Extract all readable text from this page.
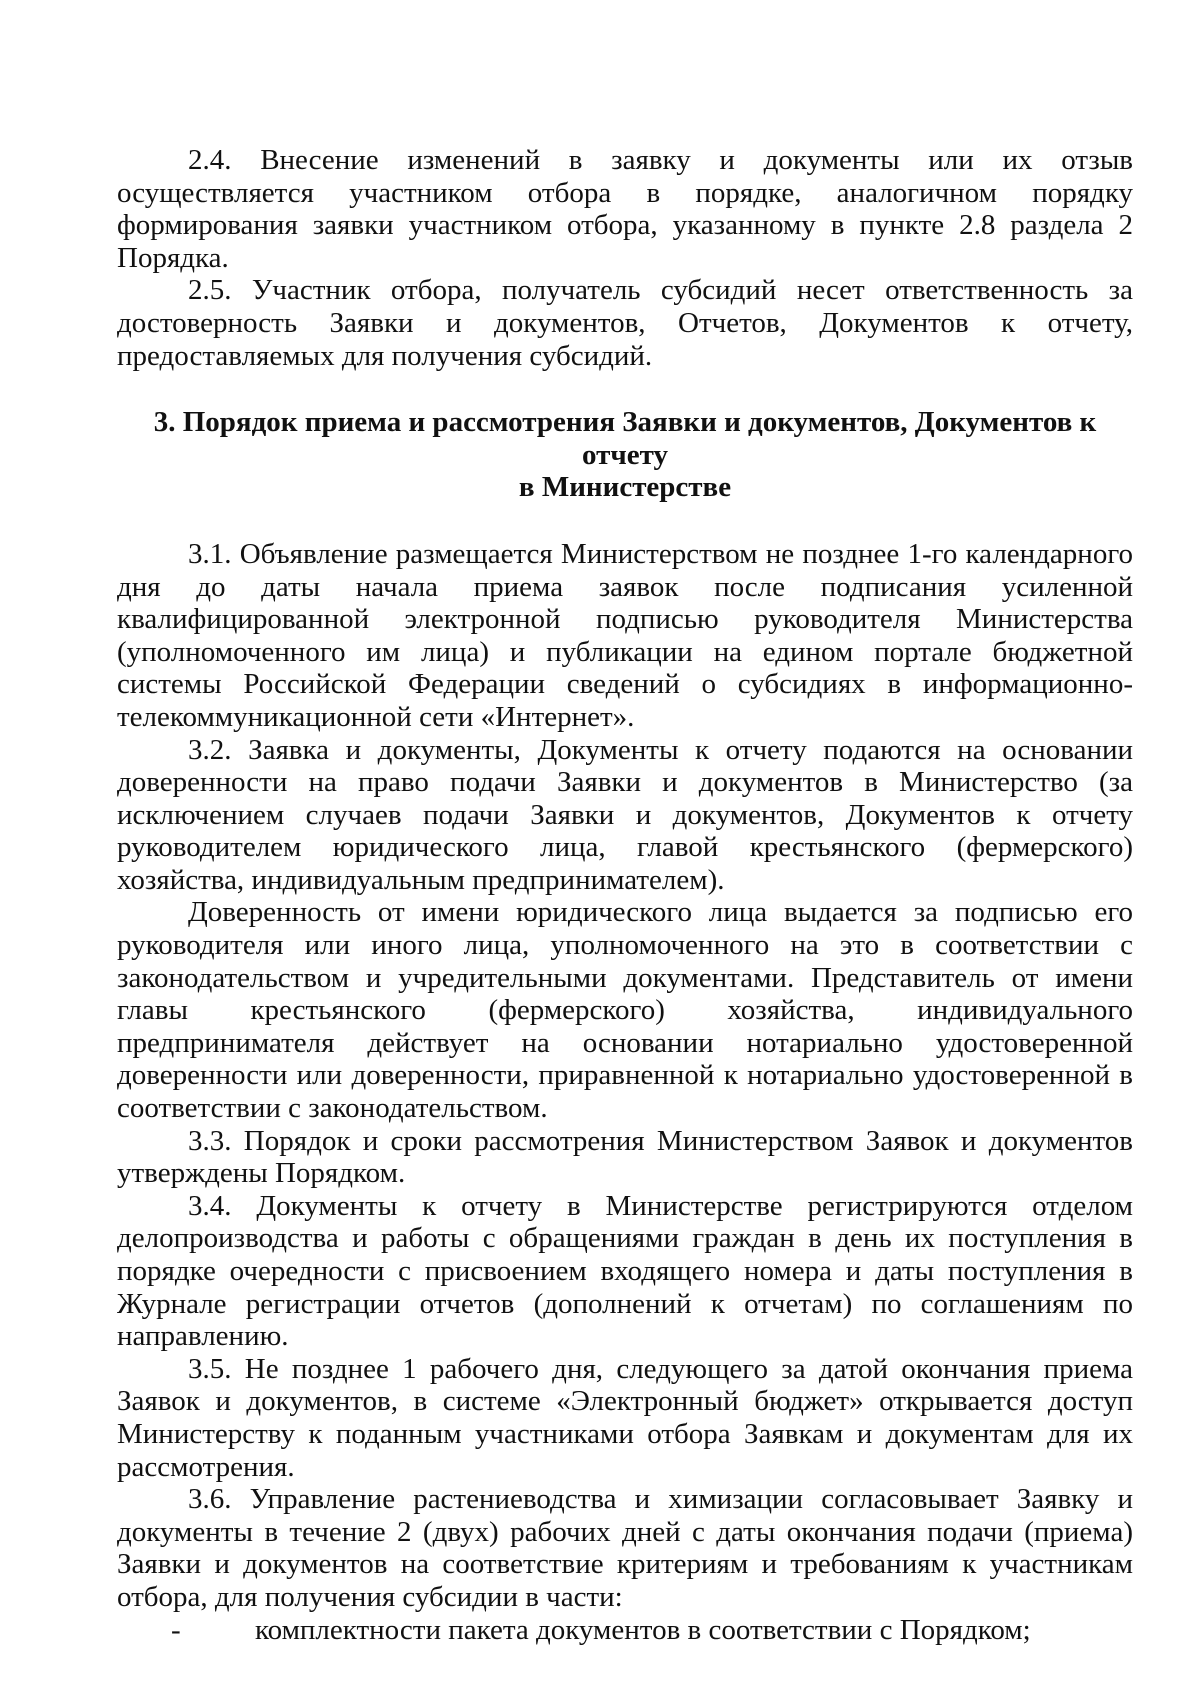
2.4. Внесение изменений в заявку и документы или их отзыв осуществляется участником отбора в порядке, аналогичном порядку формирования заявки участником отбора, указанному в пункте 2.8 раздела 2 Порядка.

2.5. Участник отбора, получатель субсидий несет ответственность за достоверность Заявки и документов, Отчетов, Документов к отчету, предоставляемых для получения субсидий.

3. Порядок приема и рассмотрения Заявки и документов, Документов к отчету
в Министерстве

3.1. Объявление размещается Министерством не позднее 1-го календарного дня до даты начала приема заявок после подписания усиленной квалифицированной электронной подписью руководителя Министерства (уполномоченного им лица) и публикации на едином портале бюджетной системы Российской Федерации сведений о субсидиях в информационно-телекоммуникационной сети «Интернет».

3.2. Заявка и документы, Документы к отчету подаются на основании доверенности на право подачи Заявки и документов в Министерство (за исключением случаев подачи Заявки и документов, Документов к отчету руководителем юридического лица, главой крестьянского (фермерского) хозяйства, индивидуальным предпринимателем).

Доверенность от имени юридического лица выдается за подписью его руководителя или иного лица, уполномоченного на это в соответствии с законодательством и учредительными документами. Представитель от имени главы крестьянского (фермерского) хозяйства, индивидуального предпринимателя действует на основании нотариально удостоверенной доверенности или доверенности, приравненной к нотариально удостоверенной в соответствии с законодательством.

3.3. Порядок и сроки рассмотрения Министерством Заявок и документов утверждены Порядком.

3.4. Документы к отчету в Министерстве регистрируются отделом делопроизводства и работы с обращениями граждан в день их поступления в порядке очередности с присвоением входящего номера и даты поступления в Журнале регистрации отчетов (дополнений к отчетам) по соглашениям по направлению.

3.5. Не позднее 1 рабочего дня, следующего за датой окончания приема Заявок и документов, в системе «Электронный бюджет» открывается доступ Министерству к поданным участниками отбора Заявкам и документам для их рассмотрения.

3.6. Управление растениеводства и химизации согласовывает Заявку и документы в течение 2 (двух) рабочих дней с даты окончания подачи (приема) Заявки и документов на соответствие критериям и требованиям к участникам отбора, для получения субсидии в части:

-	комплектности пакета документов в соответствии с Порядком;
